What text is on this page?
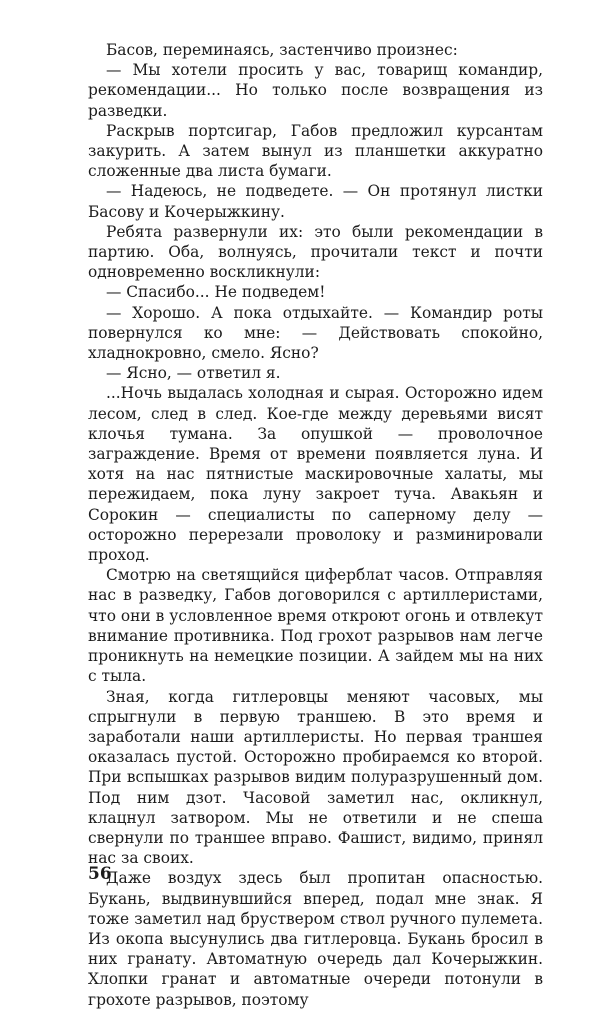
Басов, переминаясь, застенчиво произнес:

— Мы хотели просить у вас, товарищ командир, рекомендации... Но только после возвращения из разведки.

Раскрыв портсигар, Габов предложил курсантам закурить. А затем вынул из планшетки аккуратно сложенные два листа бумаги.

— Надеюсь, не подведете. — Он протянул листки Басову и Кочерыжкину.

Ребята развернули их: это были рекомендации в партию. Оба, волнуясь, прочитали текст и почти одновременно воскликнули:

— Спасибо... Не подведем!

— Хорошо. А пока отдыхайте. — Командир роты повернулся ко мне: — Действовать спокойно, хладнокровно, смело. Ясно?

— Ясно, — ответил я.

...Ночь выдалась холодная и сырая. Осторожно идем лесом, след в след. Кое-где между деревьями висят клочья тумана. За опушкой — проволочное заграждение. Время от времени появляется луна. И хотя на нас пятнистые маскировочные халаты, мы пережидаем, пока луну закроет туча. Авакьян и Сорокин — специалисты по саперному делу — осторожно перерезали проволоку и разминировали проход.

Смотрю на светящийся циферблат часов. Отправляя нас в разведку, Габов договорился с артиллеристами, что они в условленное время откроют огонь и отвлекут внимание противника. Под грохот разрывов нам легче проникнуть на немецкие позиции. А зайдем мы на них с тыла.

Зная, когда гитлеровцы меняют часовых, мы спрыгнули в первую траншею. В это время и заработали наши артиллеристы. Но первая траншея оказалась пустой. Осторожно пробираемся ко второй. При вспышках разрывов видим полуразрушенный дом. Под ним дзот. Часовой заметил нас, окликнул, клацнул затвором. Мы не ответили и не спеша свернули по траншее вправо. Фашист, видимо, принял нас за своих.

Даже воздух здесь был пропитан опасностью. Букань, выдвинувшийся вперед, подал мне знак. Я тоже заметил над бруствером ствол ручного пулемета. Из окопа высунулись два гитлеровца. Букань бросил в них гранату. Автоматную очередь дал Кочерыжкин. Хлопки гранат и автоматные очереди потонули в грохоте разрывов, поэтому

56
